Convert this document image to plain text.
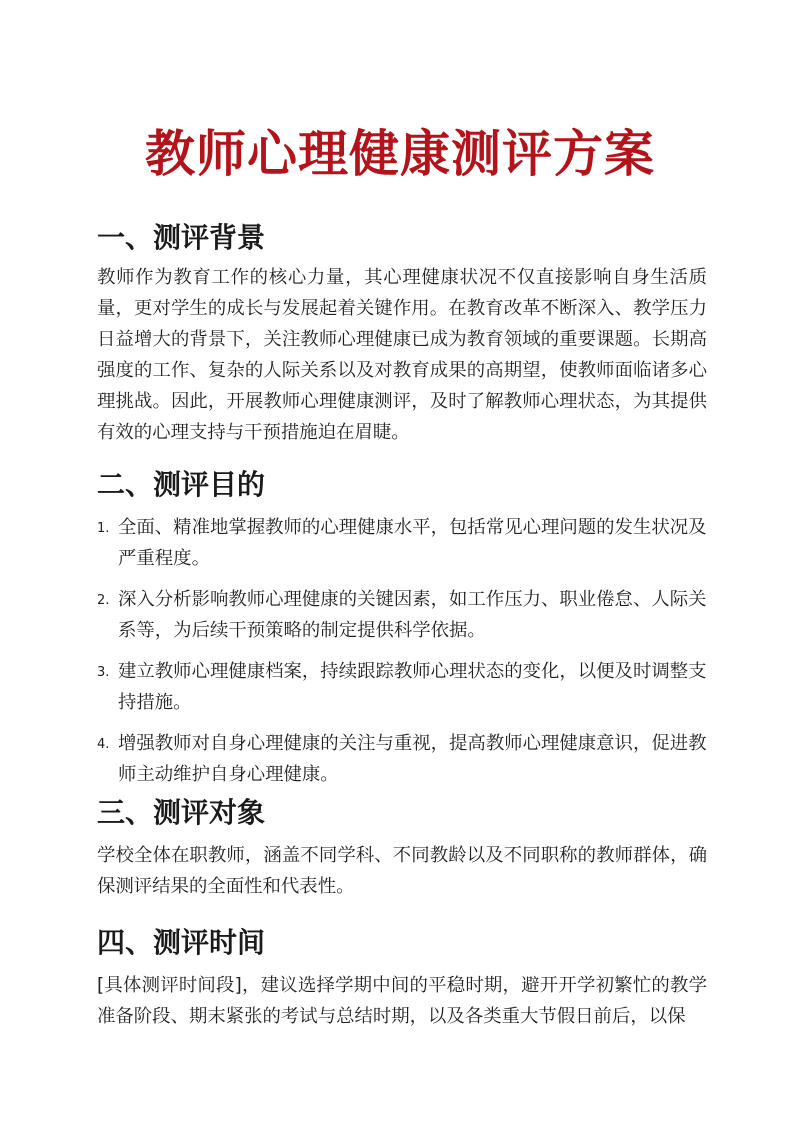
教师心理健康测评方案
一、测评背景

教师作为教育工作的核心力量，其心理健康状况不仅直接影响自身生活质量，更对学生的成长与发展起着关键作用。在教育改革不断深入、教学压力日益增大的背景下，关注教师心理健康已成为教育领域的重要课题。长期高强度的工作、复杂的人际关系以及对教育成果的高期望，使教师面临诸多心理挑战。因此，开展教师心理健康测评，及时了解教师心理状态，为其提供有效的心理支持与干预措施迫在眉睫。

二、测评目的
1. 全面、精准地掌握教师的心理健康水平，包括常见心理问题的发生状况及严重程度。
2. 深入分析影响教师心理健康的关键因素，如工作压力、职业倦怠、人际关系等，为后续干预策略的制定提供科学依据。
3. 建立教师心理健康档案，持续跟踪教师心理状态的变化，以便及时调整支持措施。
4. 增强教师对自身心理健康的关注与重视，提高教师心理健康意识，促进教师主动维护自身心理健康。
三、测评对象

学校全体在职教师，涵盖不同学科、不同教龄以及不同职称的教师群体，确保测评结果的全面性和代表性。

四、测评时间

[具体测评时间段]，建议选择学期中间的平稳时期，避开开学初繁忙的教学准备阶段、期末紧张的考试与总结时期，以及各类重大节假日前后，以保
